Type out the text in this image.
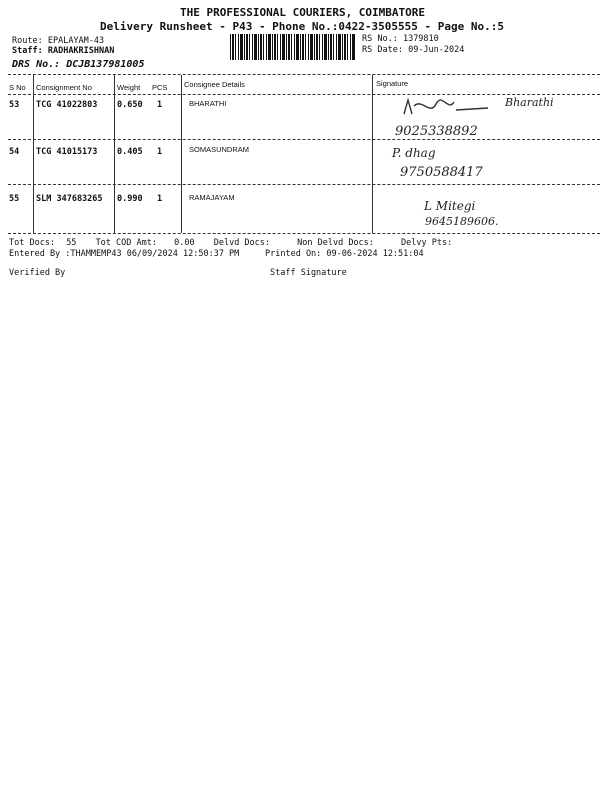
THE PROFESSIONAL COURIERS, COIMBATORE
Delivery Runsheet - P43 - Phone No.:0422-3505555 - Page No.:5
Route: EPALAYAM-43
Staff: RADHAKRISHNAN
DRS No.: DCJB137981005
RS No.: 1379810
RS Date: 09-Jun-2024
S No Consignment No	Weight PCS Consignee Details	Signature
53 TCG 41022803 0.650 1	BHARATHI	Bharathi
9025338892
54 TCG 41015173 0.405 1	SOMASUNDRAM	P. dhag
9750588417
55 SLM 347683265 0.990 1	RAMAJAYAM
L Mitegi
9645189606.
Tot Docs: 55 Tot COD Amt: 0.00 Delvd Docs:	Non Delvd Docs:	Delvy Pts:
Entered By :THAMMEMP43 06/09/2024 12:50:37 PM	Printed On: 09-06-2024 12:51:04
Verified By	Staff Signature
